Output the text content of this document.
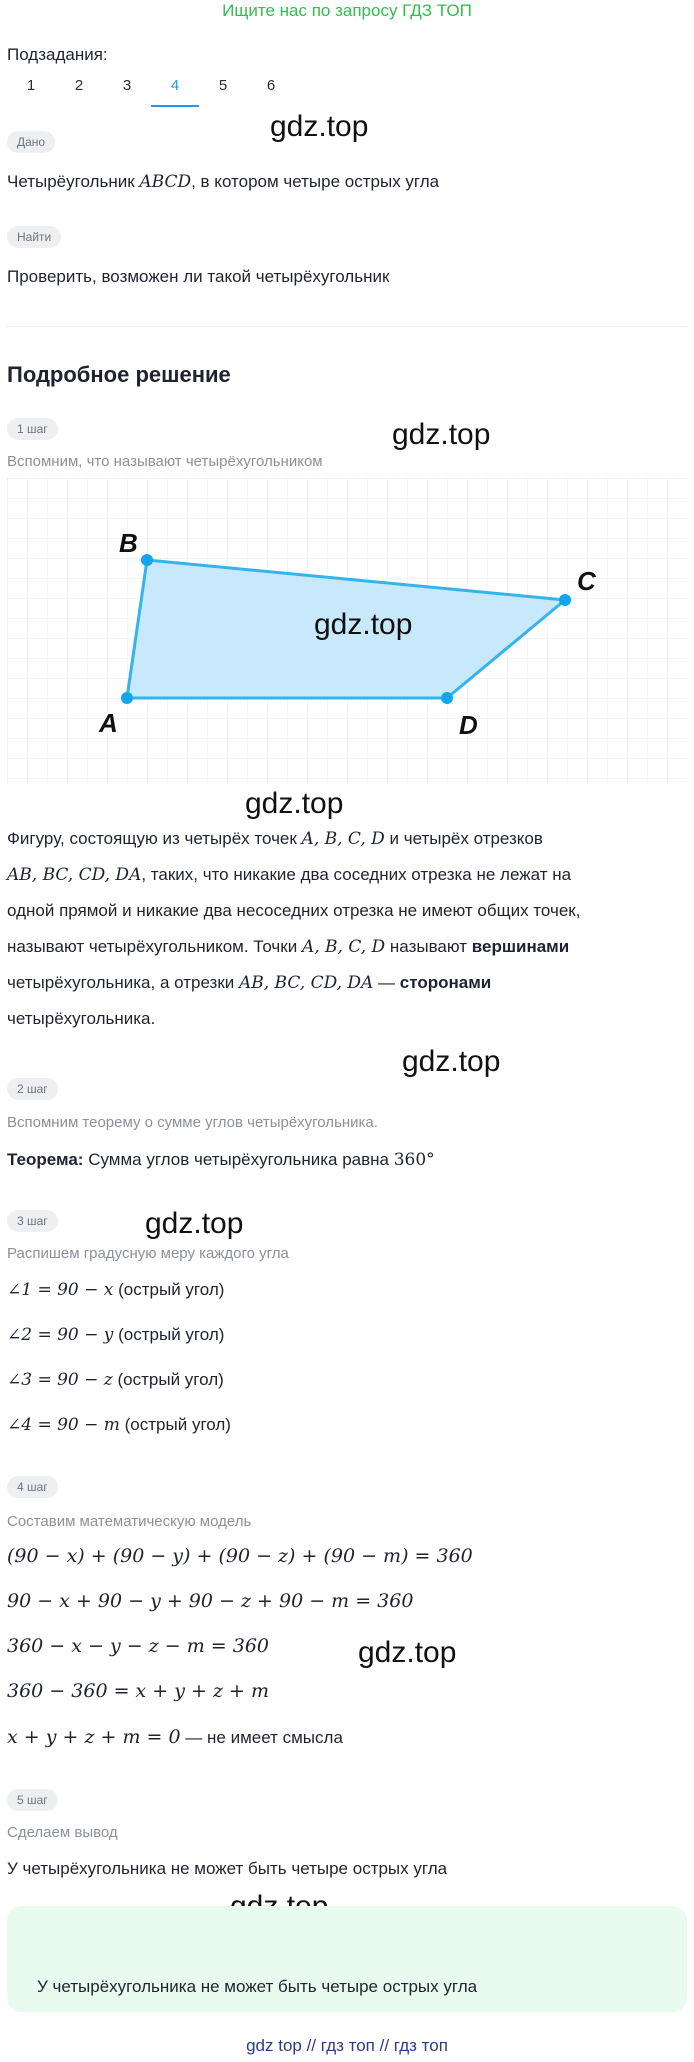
Ищите нас по запросу ГДЗ ТОП
Подзадания:
1	2	3	4	5	6
Дано	gdz.top
Четырёугольник ABCD, в котором четыре острых угла
Найти
Проверить, возможен ли такой четырёхугольник
Подробное решение
1 шаг	gdz.top
Вспомним, что называют четырёхугольником
A
B
C
D
gdz.top
gdz.top
Фигуру, состоящую из четырёх точек A, B, C, D и четырёх отрезков
AB, BC, CD, DA, таких, что никакие два соседних отрезка не лежат на
одной прямой и никакие два несоседних отрезка не имеют общих точек,
называют четырёхугольником. Точки A, B, C, D называют вершинами
четырёхугольника, а отрезки AB, BC, CD, DA — сторонами
четырёхугольника.
gdz.top
2 шаг
Вспомним теорему о сумме углов четырёхугольника.
Теорема: Сумма углов четырёхугольника равна 360°
3 шаг	gdz.top
Распишем градусную меру каждого угла
∠1 = 90 − x (острый угол)
∠2 = 90 − y (острый угол)
∠3 = 90 − z (острый угол)
∠4 = 90 − m (острый угол)
4 шаг
Составим математическую модель
(90 − x) + (90 − y) + (90 − z) + (90 − m) = 360
90 − x + 90 − y + 90 − z + 90 − m = 360
360 − x − y − z − m = 360	gdz.top
360 − 360 = x + y + z + m
x + y + z + m = 0 — не имеет смысла
5 шаг
Сделаем вывод
У четырёхугольника не может быть четыре острых угла
У четырёхугольника не может быть четыре острых угла
gdz top // гдз топ // гдз топ
